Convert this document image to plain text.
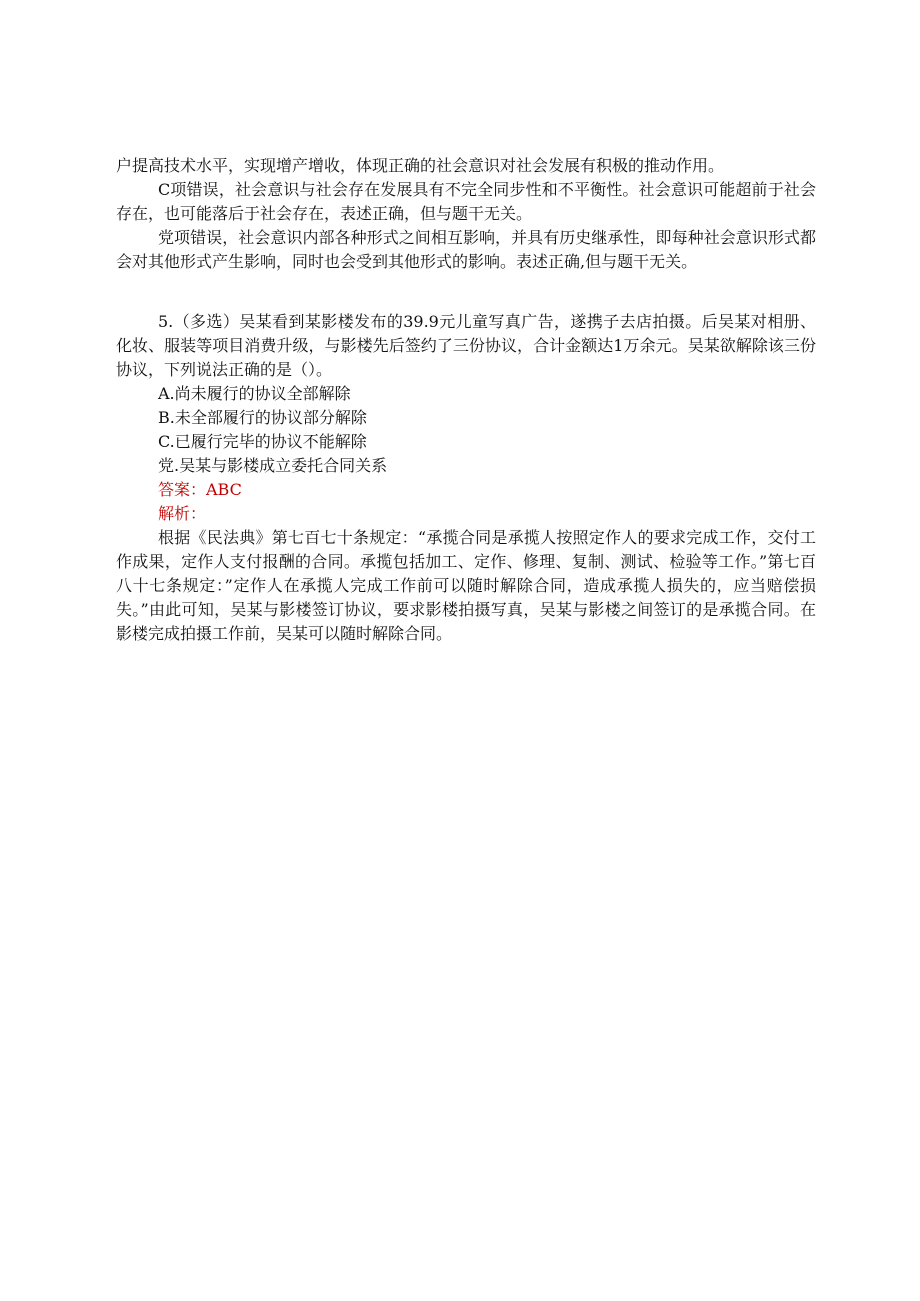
户提高技术水平，实现增产增收，体现正确的社会意识对社会发展有积极的推动作用。

C项错误，社会意识与社会存在发展具有不完全同步性和不平衡性。社会意识可能超前于社会存在，也可能落后于社会存在，表述正确，但与题干无关。

党项错误，社会意识内部各种形式之间相互影响，并具有历史继承性，即每种社会意识形式都会对其他形式产生影响，同时也会受到其他形式的影响。表述正确,但与题干无关。

5.（多选）吴某看到某影楼发布的39.9元儿童写真广告，遂携子去店拍摄。后吴某对相册、化妆、服装等项目消费升级，与影楼先后签约了三份协议，合计金额达1万余元。吴某欲解除该三份协议，下列说法正确的是（）。

A.尚未履行的协议全部解除

B.未全部履行的协议部分解除

C.已履行完毕的协议不能解除

党.吴某与影楼成立委托合同关系

答案：ABC

解析：

根据《民法典》第七百七十条规定：“承揽合同是承揽人按照定作人的要求完成工作，交付工作成果，定作人支付报酬的合同。承揽包括加工、定作、修理、复制、测试、检验等工作。”第七百八十七条规定：”定作人在承揽人完成工作前可以随时解除合同，造成承揽人损失的，应当赔偿损失。”由此可知，吴某与影楼签订协议，要求影楼拍摄写真，吴某与影楼之间签订的是承揽合同。在影楼完成拍摄工作前，吴某可以随时解除合同。
